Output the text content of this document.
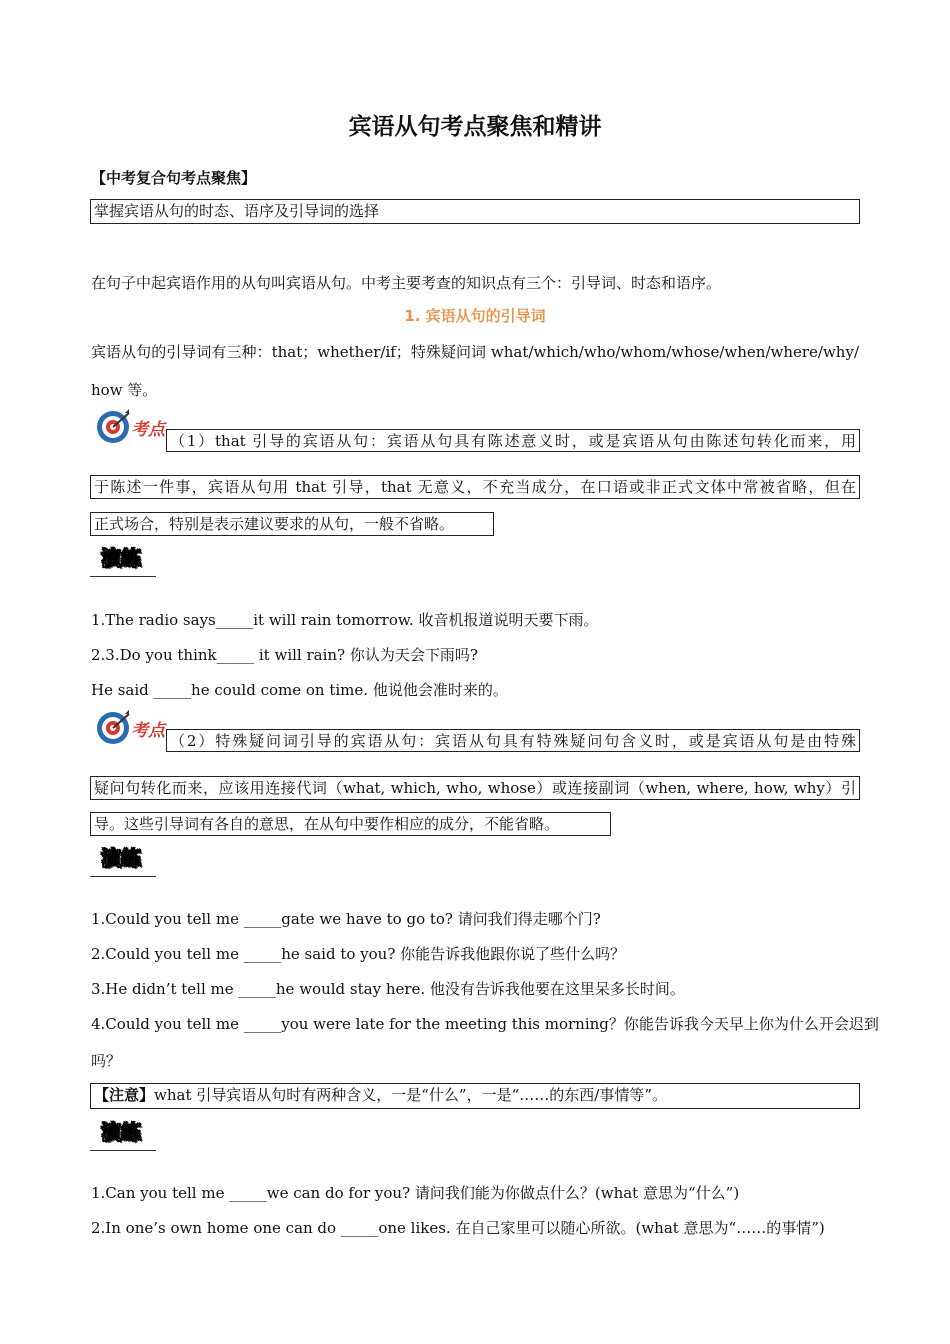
宾语从句考点聚焦和精讲
【中考复合句考点聚焦】
掌握宾语从句的时态、语序及引导词的选择
在句子中起宾语作用的从句叫宾语从句。中考主要考查的知识点有三个：引导词、时态和语序。
1. 宾语从句的引导词
宾语从句的引导词有三种：that；whether/if；特殊疑问词 what/which/who/whom/whose/when/where/why/
how 等。
考点
（1）that 引导的宾语从句：宾语从句具有陈述意义时，或是宾语从句由陈述句转化而来，用
于陈述一件事，宾语从句用 that 引导，that 无意义，不充当成分，在口语或非正式文体中常被省略，但在
正式场合，特别是表示建议要求的从句，一般不省略。
演练
1.The radio says_____it will rain tomorrow. 收音机报道说明天要下雨。
2.3.Do you think_____ it will rain? 你认为天会下雨吗?
He said _____he could come on time. 他说他会准时来的。
考点 （2）特殊疑问词引导的宾语从句：宾语从句具有特殊疑问句含义时，或是宾语从句是由特殊
疑问句转化而来，应该用连接代词（what, which, who, whose）或连接副词（when, where, how, why）引
导。这些引导词有各自的意思，在从句中要作相应的成分，不能省略。
演练
1.Could you tell me _____gate we have to go to? 请问我们得走哪个门?
2.Could you tell me _____he said to you? 你能告诉我他跟你说了些什么吗？
3.He didn’t tell me _____he would stay here. 他没有告诉我他要在这里呆多长时间。
4.Could you tell me _____you were late for the meeting this morning？你能告诉我今天早上你为什么开会迟到
吗？
【注意】what 引导宾语从句时有两种含义，一是“什么”，一是“……的东西/事情等”。
演练
1.Can you tell me _____we can do for you? 请问我们能为你做点什么？(what 意思为“什么”)
2.In one’s own home one can do _____one likes. 在自己家里可以随心所欲。(what 意思为“……的事情”)
